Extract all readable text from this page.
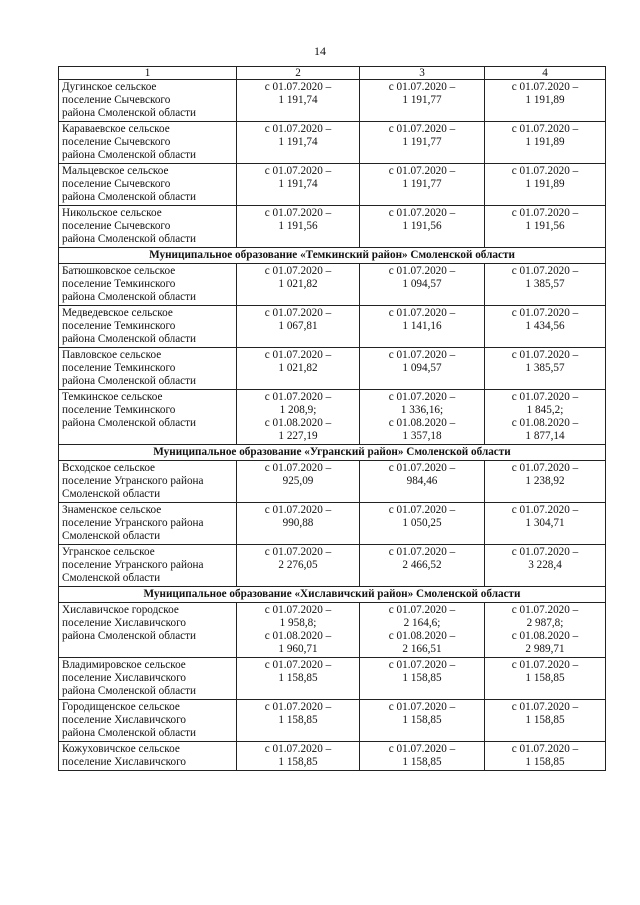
14
1	2	3	4

Дугинское сельское
поселение Сычевского
района Смоленской области	с 01.07.2020 –
1 191,74	с 01.07.2020 –
1 191,77	с 01.07.2020 –
1 191,89

Караваевское сельское
поселение Сычевского
района Смоленской области	с 01.07.2020 –
1 191,74	с 01.07.2020 –
1 191,77	с 01.07.2020 –
1 191,89

Мальцевское сельское
поселение Сычевского
района Смоленской области	с 01.07.2020 –
1 191,74	с 01.07.2020 –
1 191,77	с 01.07.2020 –
1 191,89

Никольское сельское
поселение Сычевского
района Смоленской области	с 01.07.2020 –
1 191,56	с 01.07.2020 –
1 191,56	с 01.07.2020 –
1 191,56

Муниципальное образование «Темкинский район» Смоленской области			

Батюшковское сельское
поселение Темкинского
района Смоленской области	с 01.07.2020 –
1 021,82	с 01.07.2020 –
1 094,57	с 01.07.2020 –
1 385,57

Медведевское сельское
поселение Темкинского
района Смоленской области	с 01.07.2020 –
1 067,81	с 01.07.2020 –
1 141,16	с 01.07.2020 –
1 434,56

Павловское сельское
поселение Темкинского
района Смоленской области	с 01.07.2020 –
1 021,82	с 01.07.2020 –
1 094,57	с 01.07.2020 –
1 385,57

Темкинское сельское
поселение Темкинского
района Смоленской области	с 01.07.2020 –
1 208,9;
с 01.08.2020 –
1 227,19	с 01.07.2020 –
1 336,16;
с 01.08.2020 –
1 357,18	с 01.07.2020 –
1 845,2;
с 01.08.2020 –
1 877,14

Муниципальное образование «Угранский район» Смоленской области			

Всходское сельское
поселение Угранского района
Смоленской области	с 01.07.2020 –
925,09	с 01.07.2020 –
984,46	с 01.07.2020 –
1 238,92

Знаменское сельское
поселение Угранского района
Смоленской области	с 01.07.2020 –
990,88	с 01.07.2020 –
1 050,25	с 01.07.2020 –
1 304,71

Угранское сельское
поселение Угранского района
Смоленской области	с 01.07.2020 –
2 276,05	с 01.07.2020 –
2 466,52	с 01.07.2020 –
3 228,4

Муниципальное образование «Хиславичский район» Смоленской области			

Хиславичское городское
поселение Хиславичского
района Смоленской области	с 01.07.2020 –
1 958,8;
с 01.08.2020 –
1 960,71	с 01.07.2020 –
2 164,6;
с 01.08.2020 –
2 166,51	с 01.07.2020 –
2 987,8;
с 01.08.2020 –
2 989,71

Владимировское сельское
поселение Хиславичского
района Смоленской области	с 01.07.2020 –
1 158,85	с 01.07.2020 –
1 158,85	с 01.07.2020 –
1 158,85

Городищенское сельское
поселение Хиславичского
района Смоленской области	с 01.07.2020 –
1 158,85	с 01.07.2020 –
1 158,85	с 01.07.2020 –
1 158,85

Кожуховичское сельское
поселение Хиславичского	с 01.07.2020 –
1 158,85	с 01.07.2020 –
1 158,85	с 01.07.2020 –
1 158,85
